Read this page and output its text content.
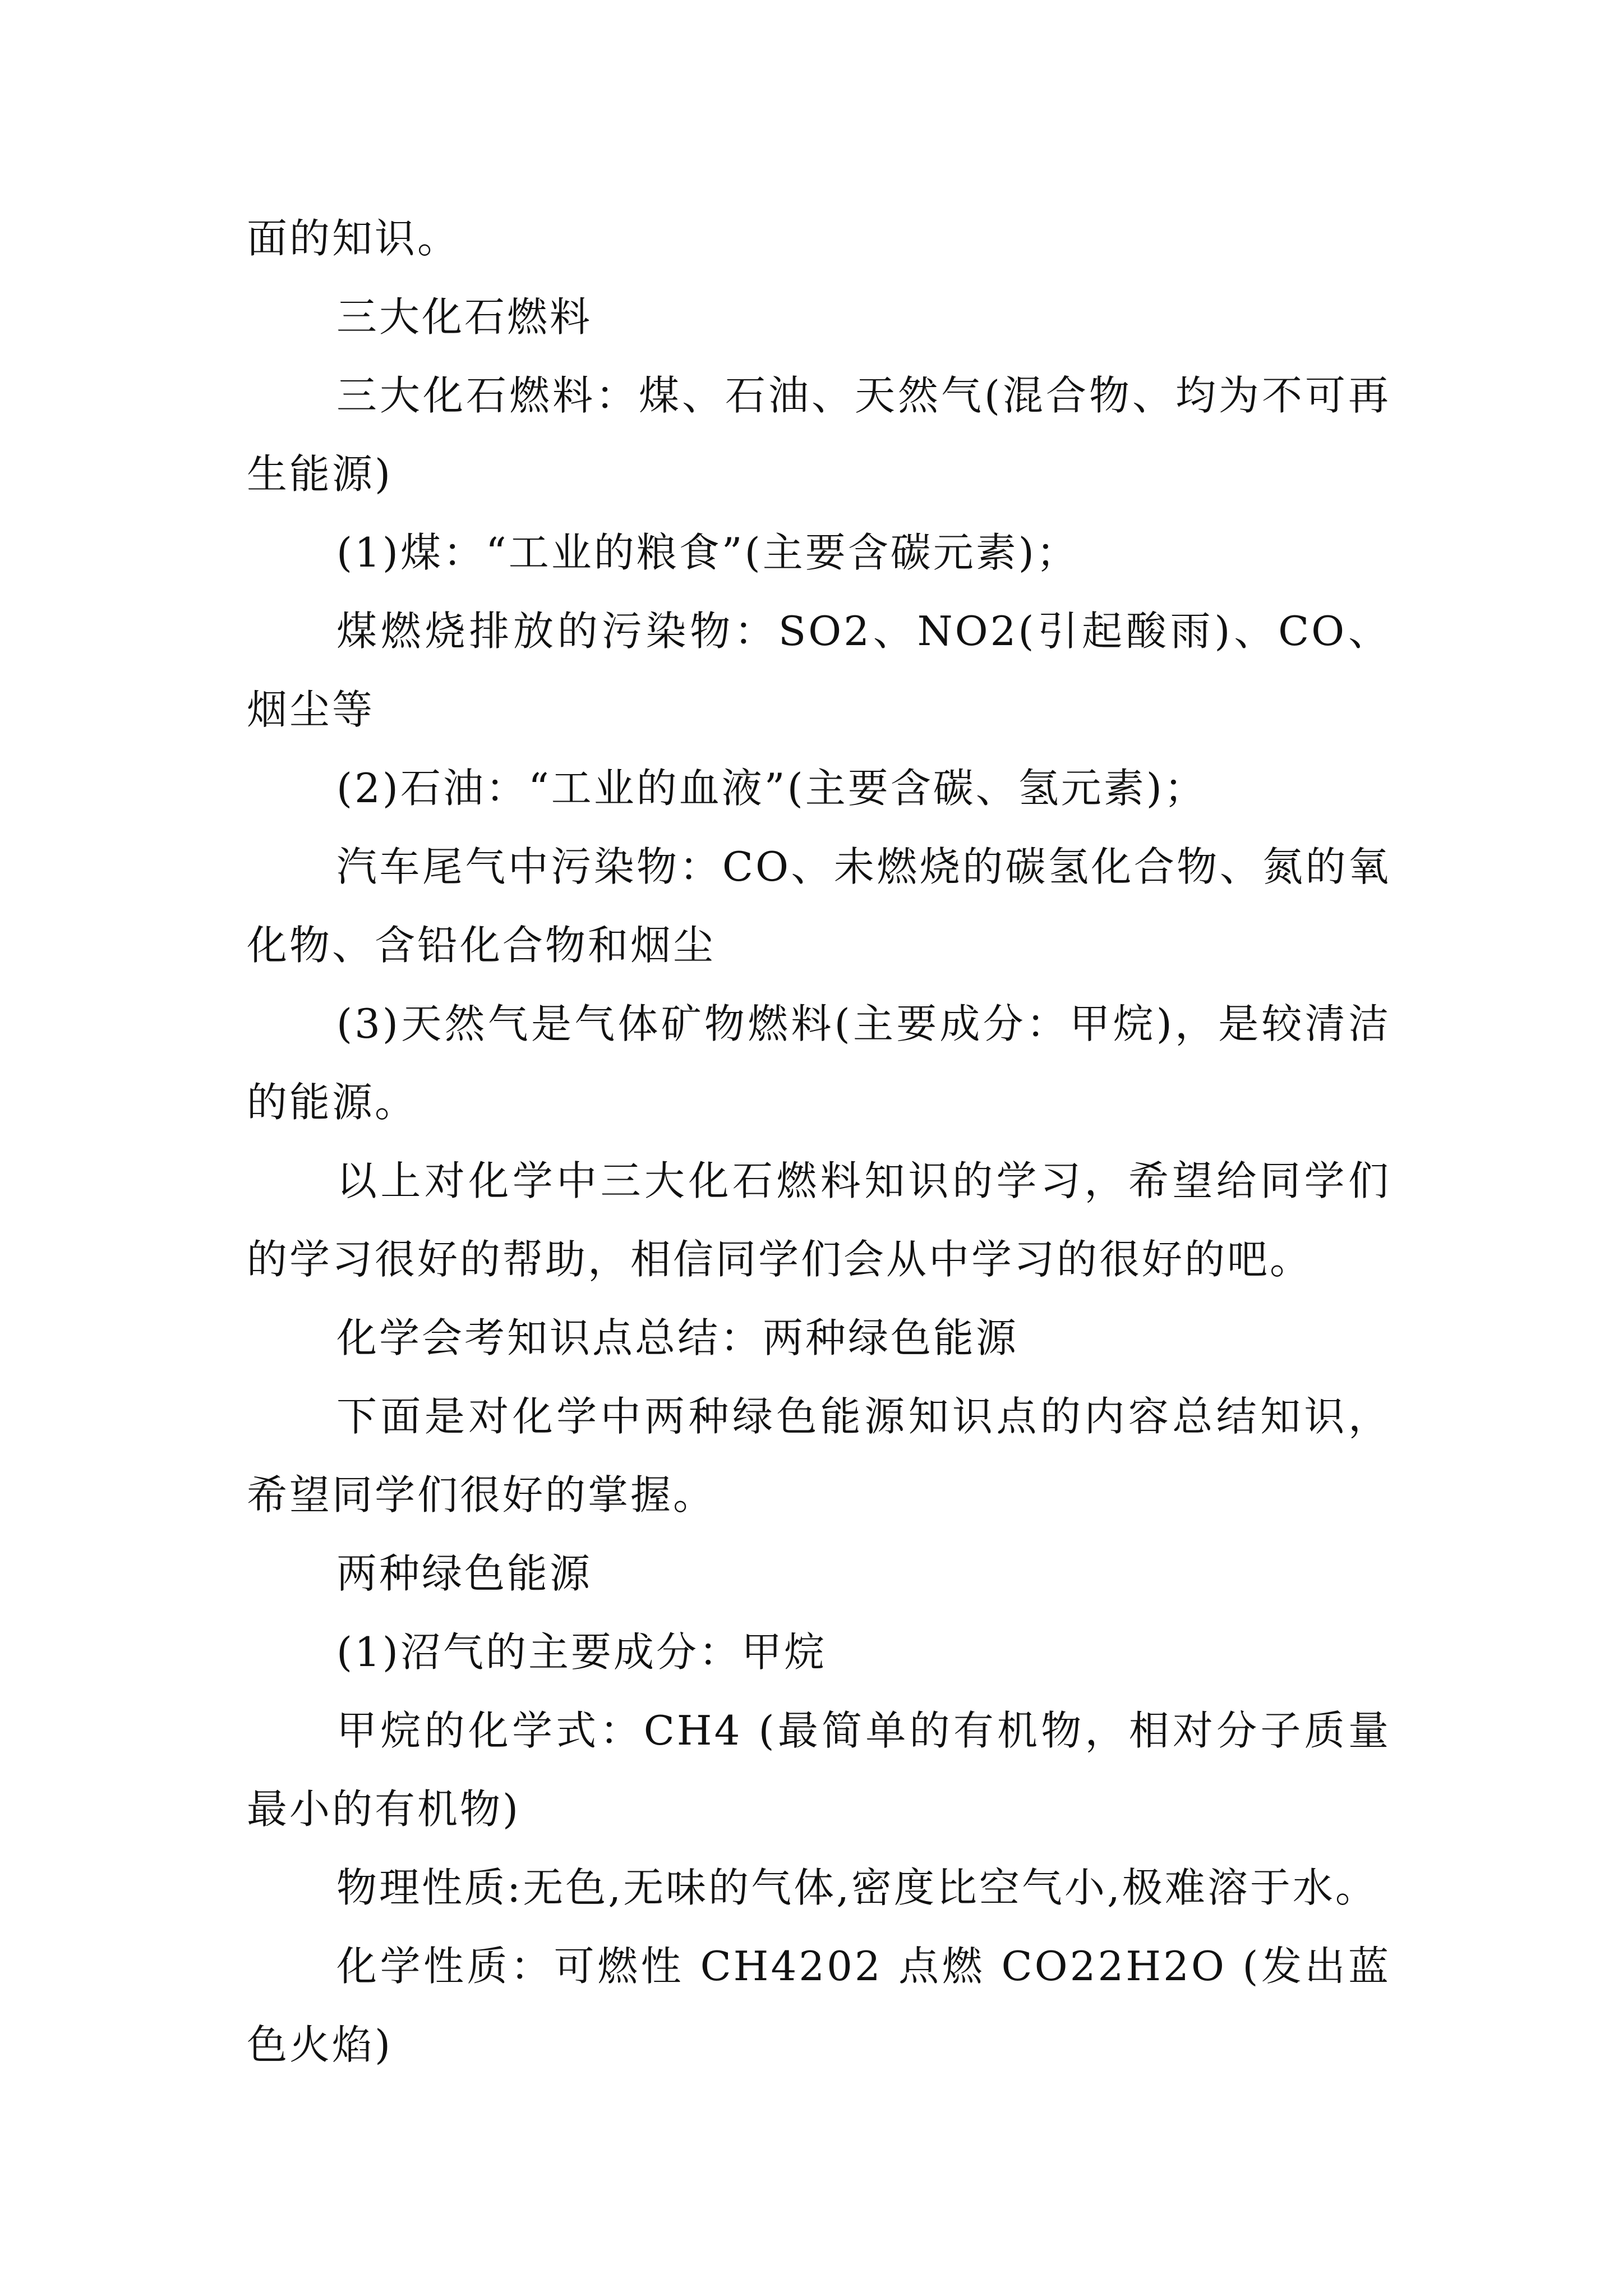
面的知识。

三大化石燃料

三大化石燃料：煤、石油、天然气(混合物、均为不可再生能源)

(1)煤：“工业的粮食”(主要含碳元素)；

煤燃烧排放的污染物：SO2、NO2(引起酸雨)、CO、烟尘等

(2)石油：“工业的血液”(主要含碳、氢元素)；

汽车尾气中污染物：CO、未燃烧的碳氢化合物、氮的氧化物、含铅化合物和烟尘

(3)天然气是气体矿物燃料(主要成分：甲烷)，是较清洁的能源。

以上对化学中三大化石燃料知识的学习，希望给同学们的学习很好的帮助，相信同学们会从中学习的很好的吧。

化学会考知识点总结：两种绿色能源

下面是对化学中两种绿色能源知识点的内容总结知识，希望同学们很好的掌握。

两种绿色能源

(1)沼气的主要成分：甲烷

甲烷的化学式：CH4 (最简单的有机物，相对分子质量最小的有机物)

物理性质:无色,无味的气体,密度比空气小,极难溶于水。

化学性质：可燃性 CH4202 点燃 CO22H2O (发出蓝色火焰)
